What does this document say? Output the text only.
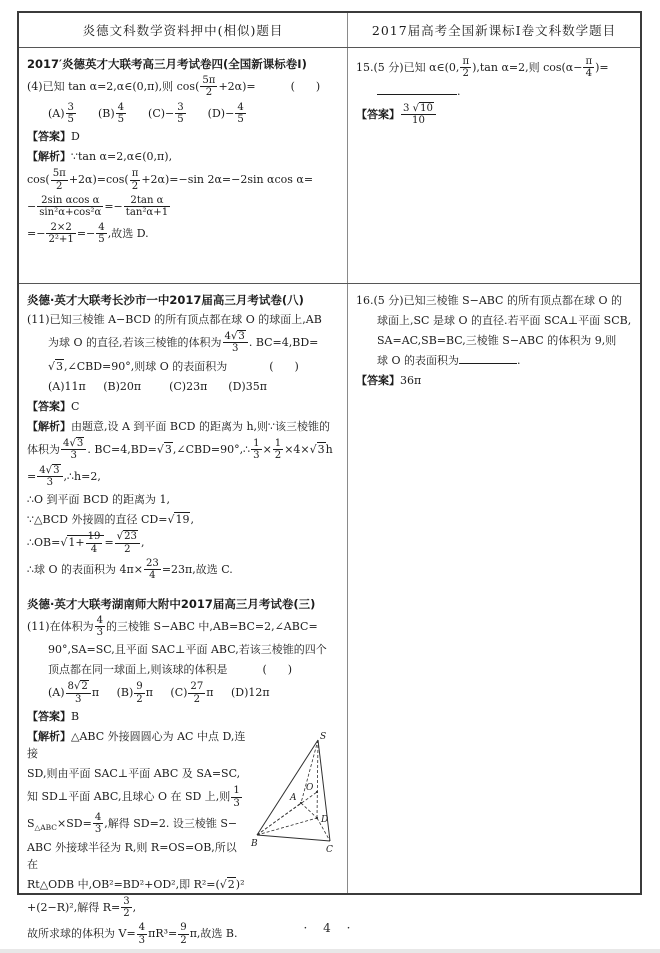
炎德文科数学资料押中(相似)题目	2017届高考全国新课标Ⅰ卷文科数学题目
2017′炎德英才大联考高三月考试卷四(全国新课标卷Ⅰ)
(4)已知 tan α=2,α∈(0,π),则 $\cos( \frac{5\pi}{2} +2\alpha)=$          (      )
$(A) \frac{3}{5} (B) \frac{4}{5} (C)- \frac{3}{5} (D)- \frac{4}{5}$
【答案】D
【解析】∵tan α=2,α∈(0,π),
$\cos( \frac{5\pi}{2} +2\alpha)=\cos( \frac{\pi}{2} +2\alpha)=-\sin$ 2α=−2sin αcos α=
− $\frac{\text{2sin αcos α}}{\text{sin²α+cos²α}} =- \frac{\text{2tan α}}{\text{tan²α+1}}$
=− $\frac{2\times 2}{\text{2²+1}} =- \frac{4}{5}$ ,故选 D.
15.(5 分)已知 α∈(0, $\frac{\pi}{2} ),\tan$ α=2,则 $\cos(\alpha- \frac{\pi}{4}$ )=
.
【答案】 $\frac{3 √10}{10}$
炎德·英才大联考长沙市一中2017届高三月考试卷(八)
(11)已知三棱锥 A−BCD 的所有顶点都在球 O 的球面上,AB
为球 O 的直径,若该三棱锥的体积为 $\frac{4√3}{3}$ . BC=4,BD=
√3,∠CBD=90°,则球 O 的表面积为            (      )
(A)11π     (B)20π        (C)23π      (D)35π
【答案】C
【解析】由题意,设 A 到平面 BCD 的距离为 h,则∵该三棱锥的
体积为 $\frac{4√3}{3}$ . BC=4,BD=√3,∠CBD=90°,∴ $\frac{1}{3} \times \frac{1}{2} \times 4\times√3h$
= $\frac{4√3}{3}$ ,∴h=2,
∴O 到平面 BCD 的距离为 1,
∵△BCD 外接圆的直径 CD=√19,
∴OB=√1+ $\frac{19}{4} = \frac{√23}{2}$ ,
∴球 O 的表面积为 $4\pi\times \frac{23}{4} =23\pi$,故选 C.
炎德·英才大联考湖南师大附中2017届高三月考试卷(三)
(11)在体积为 $\frac{4}{3}$ 的三棱锥 S−ABC 中,AB=BC=2,∠ABC=
90°,SA=SC,且平面 SAC⊥平面 ABC,若该三棱锥的四个
顶点都在同一球面上,则该球的体积是          (      )
$(A) \frac{8√2}{3}$ π     $(B) \frac{9}{2}$ π     $(C) \frac{27}{2}$ π     (D)12π
【答案】B
S
A
O
D
B
C
【解析】△ABC 外接圆圆心为 AC 中点 D,连接
SD,则由平面 SAC⊥平面 ABC 及 SA=SC,
知 SD⊥平面 ABC,且球心 O 在 SD 上,则 $\frac{1}{3}$
$S_{\triangle ABC}\times SD= \frac{4}{3}$ ,解得 SD=2. 设三棱锥 S−
ABC 外接球半径为 R,则 R=OS=OB,所以在
Rt△ODB 中,OB²=BD²+OD²,即 R²=(√2)²
+(2−R)²,解得 $R= \frac{3}{2}$ ,
故所求球的体积为 $V= \frac{4}{3} \pi R^3= \frac{9}{2} \pi$,故选 B.
16.(5 分)已知三棱锥 S−ABC 的所有顶点都在球 O 的
球面上,SC 是球 O 的直径.若平面 SCA⊥平面 SCB,
SA=AC,SB=BC,三棱锥 S−ABC 的体积为 9,则
球 O 的表面积为	.
【答案】36π
· 4 ·
